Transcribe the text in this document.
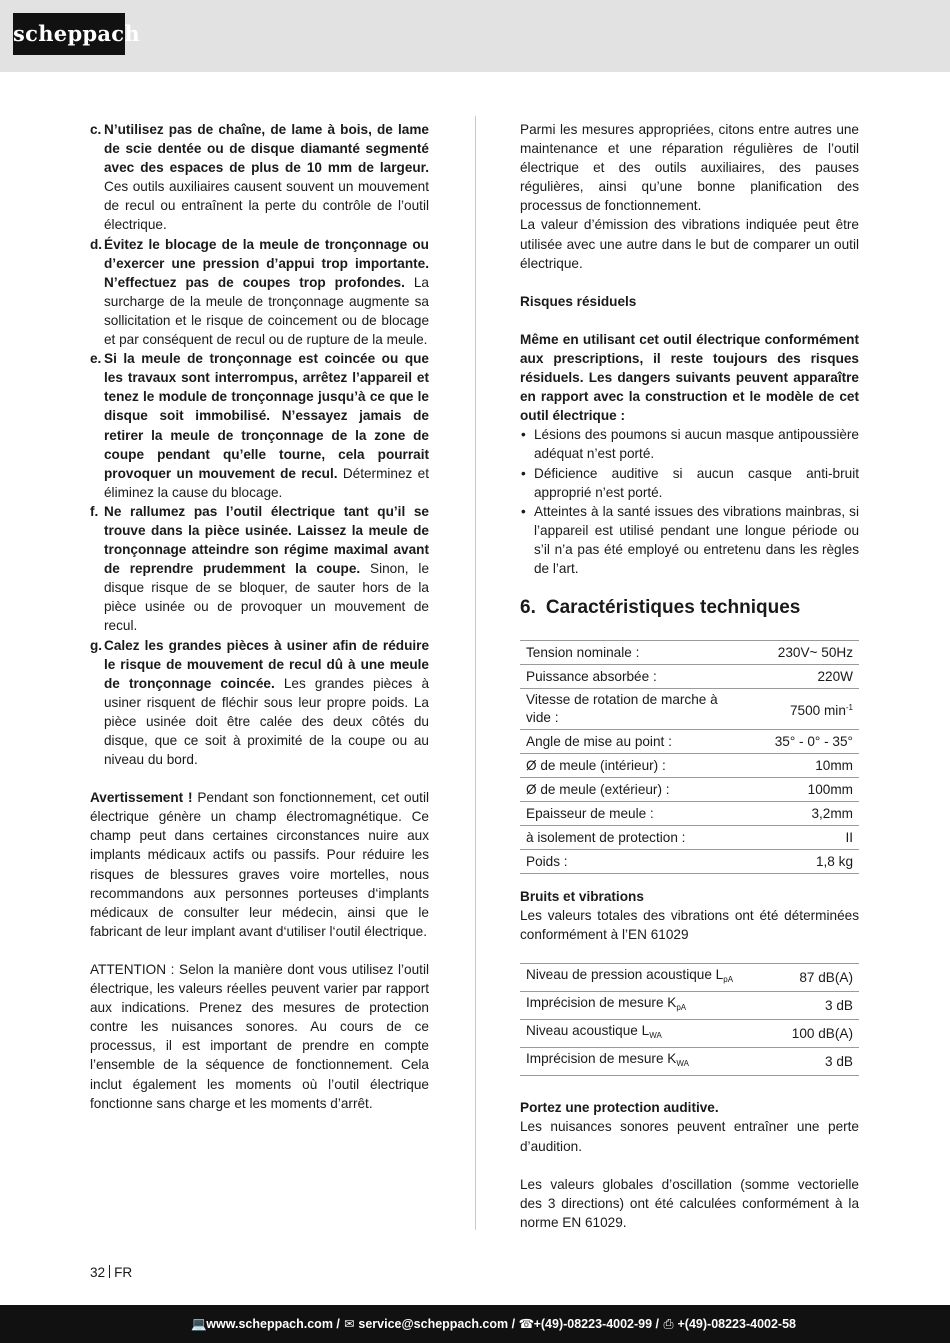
scheppach
c. N’utilisez pas de chaîne, de lame à bois, de lame de scie dentée ou de disque diamanté segmenté avec des espaces de plus de 10 mm de largeur. Ces outils auxiliaires causent souvent un mouvement de recul ou entraînent la perte du contrôle de l’outil électrique.
d. Évitez le blocage de la meule de tronçonnage ou d’exercer une pression d’appui trop importante. N’effectuez pas de coupes trop profondes. La surcharge de la meule de tronçonnage augmente sa sollicitation et le risque de coincement ou de blocage et par conséquent de recul ou de rupture de la meule.
e. Si la meule de tronçonnage est coincée ou que les travaux sont interrompus, arrêtez l’appareil et tenez le module de tronçonnage jusqu’à ce que le disque soit immobilisé. N’essayez jamais de retirer la meule de tronçonnage de la zone de coupe pendant qu’elle tourne, cela pourrait provoquer un mouvement de recul. Déterminez et éliminez la cause du blocage.
f. Ne rallumez pas l’outil électrique tant qu’il se trouve dans la pièce usinée. Laissez la meule de tronçonnage atteindre son régime maximal avant de reprendre prudemment la coupe. Sinon, le disque risque de se bloquer, de sauter hors de la pièce usinée ou de provoquer un mouvement de recul.
g. Calez les grandes pièces à usiner afin de réduire le risque de mouvement de recul dû à une meule de tronçonnage coincée. Les grandes pièces à usiner risquent de fléchir sous leur propre poids. La pièce usinée doit être calée des deux côtés du disque, que ce soit à proximité de la coupe ou au niveau du bord.
Avertissement ! Pendant son fonctionnement, cet outil électrique génère un champ électromagnétique. Ce champ peut dans certaines circonstances nuire aux implants médicaux actifs ou passifs. Pour réduire les risques de blessures graves voire mortelles, nous recommandons aux personnes porteuses d‘implants médicaux de consulter leur médecin, ainsi que le fabricant de leur implant avant d‘utiliser l‘outil électrique.
ATTENTION : Selon la manière dont vous utilisez l’outil électrique, les valeurs réelles peuvent varier par rapport aux indications. Prenez des mesures de protection contre les nuisances sonores. Au cours de ce processus, il est important de prendre en compte l’ensemble de la séquence de fonctionnement. Cela inclut également les moments où l’outil électrique fonctionne sans charge et les moments d’arrêt.
Parmi les mesures appropriées, citons entre autres une maintenance et une réparation régulières de l’outil électrique et des outils auxiliaires, des pauses régulières, ainsi qu’une bonne planification des processus de fonctionnement.
La valeur d’émission des vibrations indiquée peut être utilisée avec une autre dans le but de comparer un outil électrique.
Risques résiduels
Même en utilisant cet outil électrique conformément aux prescriptions, il reste toujours des risques résiduels. Les dangers suivants peuvent apparaître en rapport avec la construction et le modèle de cet outil électrique :
• Lésions des poumons si aucun masque antipoussière adéquat n’est porté.
• Déficience auditive si aucun casque anti-bruit approprié n’est porté.
• Atteintes à la santé issues des vibrations mainbras, si l’appareil est utilisé pendant une longue période ou s’il n’a pas été employé ou entretenu dans les règles de l’art.
6. Caractéristiques techniques
Tension nominale :	230V~ 50Hz
Puissance absorbée :	220W
Vitesse de rotation de marche à vide :	7500 $\min^{-1}$
Angle de mise au point :	35° - 0° - 35°
Ø de meule (intérieur) :	10mm
Ø de meule (extérieur) :	100mm
Epaisseur de meule :	3,2mm
à isolement de protection :	II
Poids :	1,8 kg
Bruits et vibrations
Les valeurs totales des vibrations ont été déterminées conformément à l’EN 61029
Niveau de pression acoustique $L_{pA}$	87 dB(A)
Imprécision de mesure $K_{pA}$	3 dB
Niveau acoustique $L_{WA}$	100 dB(A)
Imprécision de mesure $K_{WA}$	3 dB
Portez une protection auditive.
Les nuisances sonores peuvent entraîner une perte d’audition.
Les valeurs globales d’oscillation (somme vectorielle des 3 directions) ont été calculées conformément à la norme EN 61029.
32 FR
💻www.scheppach.com / ✉ service@scheppach.com / ☎+(49)-08223-4002-99 / ⎙ +(49)-08223-4002-58
